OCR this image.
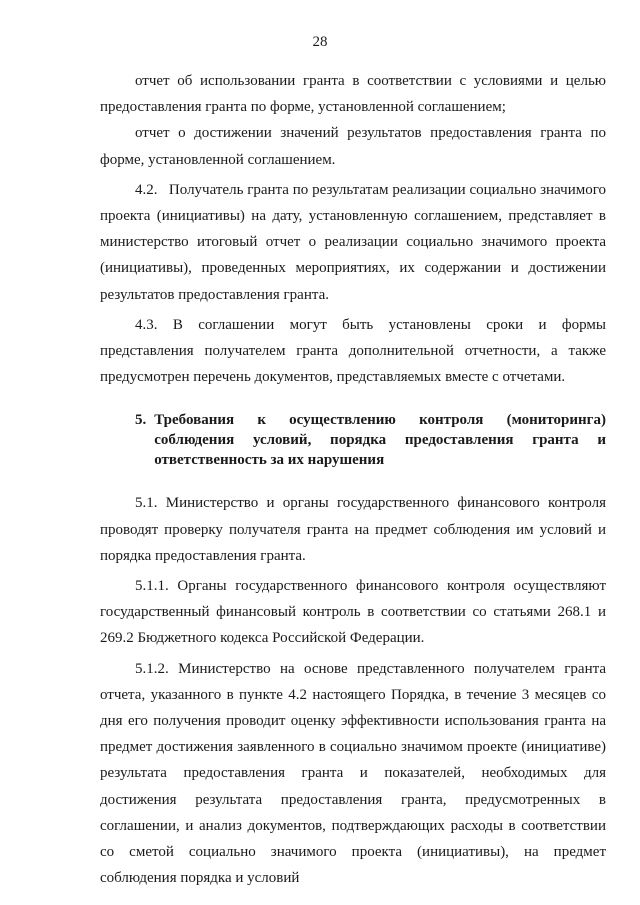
28

отчет об использовании гранта в соответствии с условиями и целью предоставления гранта по форме, установленной соглашением;

отчет о достижении значений результатов предоставления гранта по форме, установленной соглашением.

4.2.   Получатель гранта по результатам реализации социально значимого проекта (инициативы) на дату, установленную соглашением, представляет в министерство итоговый отчет о реализации социально значимого проекта (инициативы), проведенных мероприятиях, их содержании и достижении результатов предоставления гранта.

4.3. В соглашении могут быть установлены сроки и формы представления получателем гранта дополнительной отчетности, а также предусмотрен перечень документов, представляемых вместе с отчетами.

5. Требования к осуществлению контроля (мониторинга) соблюдения условий, порядка предоставления гранта и ответственность за их нарушения

5.1. Министерство и органы государственного финансового контроля проводят проверку получателя гранта на предмет соблюдения им условий и порядка предоставления гранта.

5.1.1. Органы государственного финансового контроля осуществляют государственный финансовый контроль в соответствии со статьями 268.1 и 269.2 Бюджетного кодекса Российской Федерации.

5.1.2. Министерство на основе представленного получателем гранта отчета, указанного в пункте 4.2 настоящего Порядка, в течение 3 месяцев со дня его получения проводит оценку эффективности использования гранта на предмет достижения заявленного в социально значимом проекте (инициативе) результата предоставления гранта и показателей, необходимых для достижения результата предоставления гранта, предусмотренных в соглашении, и анализ документов, подтверждающих расходы в соответствии со сметой социально значимого проекта (инициативы), на предмет соблюдения порядка и условий
